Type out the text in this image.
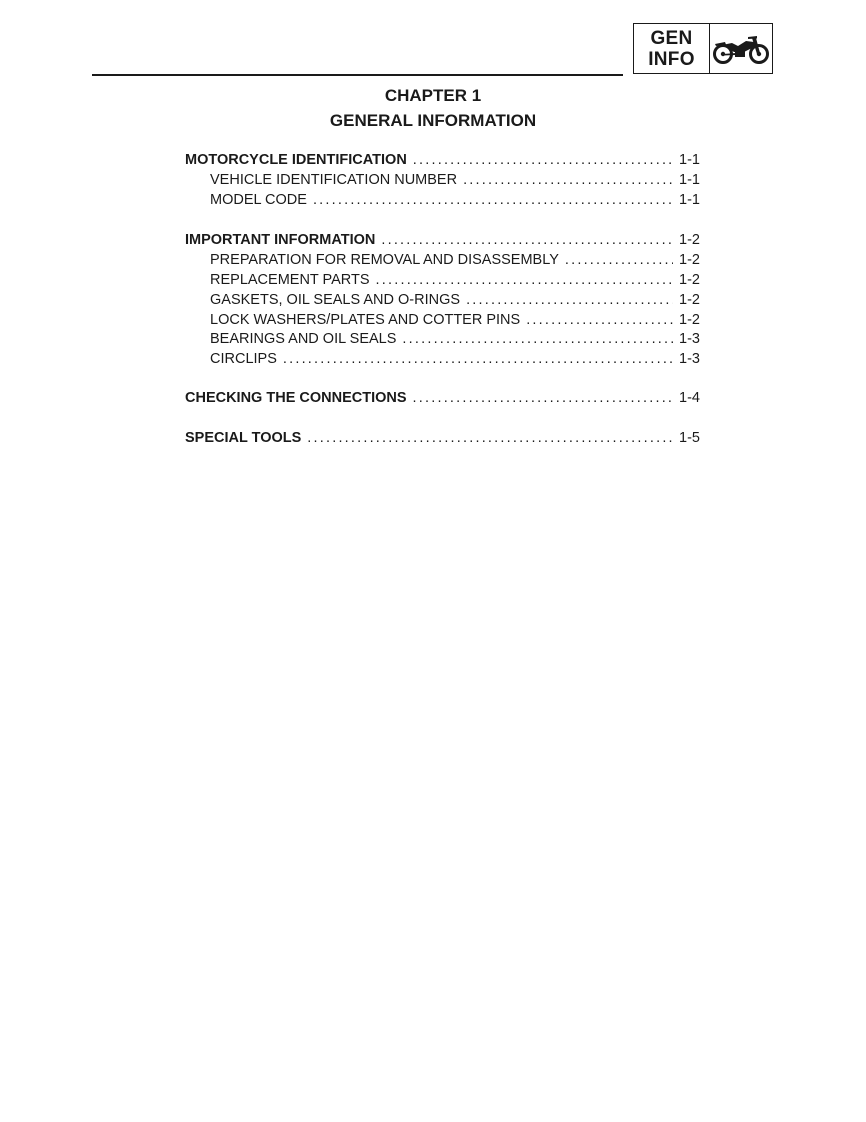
GEN
INFO
CHAPTER 1
GENERAL INFORMATION
MOTORCYCLE IDENTIFICATION .....	1-1
VEHICLE IDENTIFICATION NUMBER .....	1-1
MODEL CODE .....	1-1
IMPORTANT INFORMATION .....	1-2
PREPARATION FOR REMOVAL AND DISASSEMBLY .....	1-2
REPLACEMENT PARTS .....	1-2
GASKETS, OIL SEALS AND O-RINGS .....	1-2
LOCK WASHERS/PLATES AND COTTER PINS .....	1-2
BEARINGS AND OIL SEALS .....	1-3
CIRCLIPS .....	1-3
CHECKING THE CONNECTIONS .....	1-4
SPECIAL TOOLS .....	1-5
